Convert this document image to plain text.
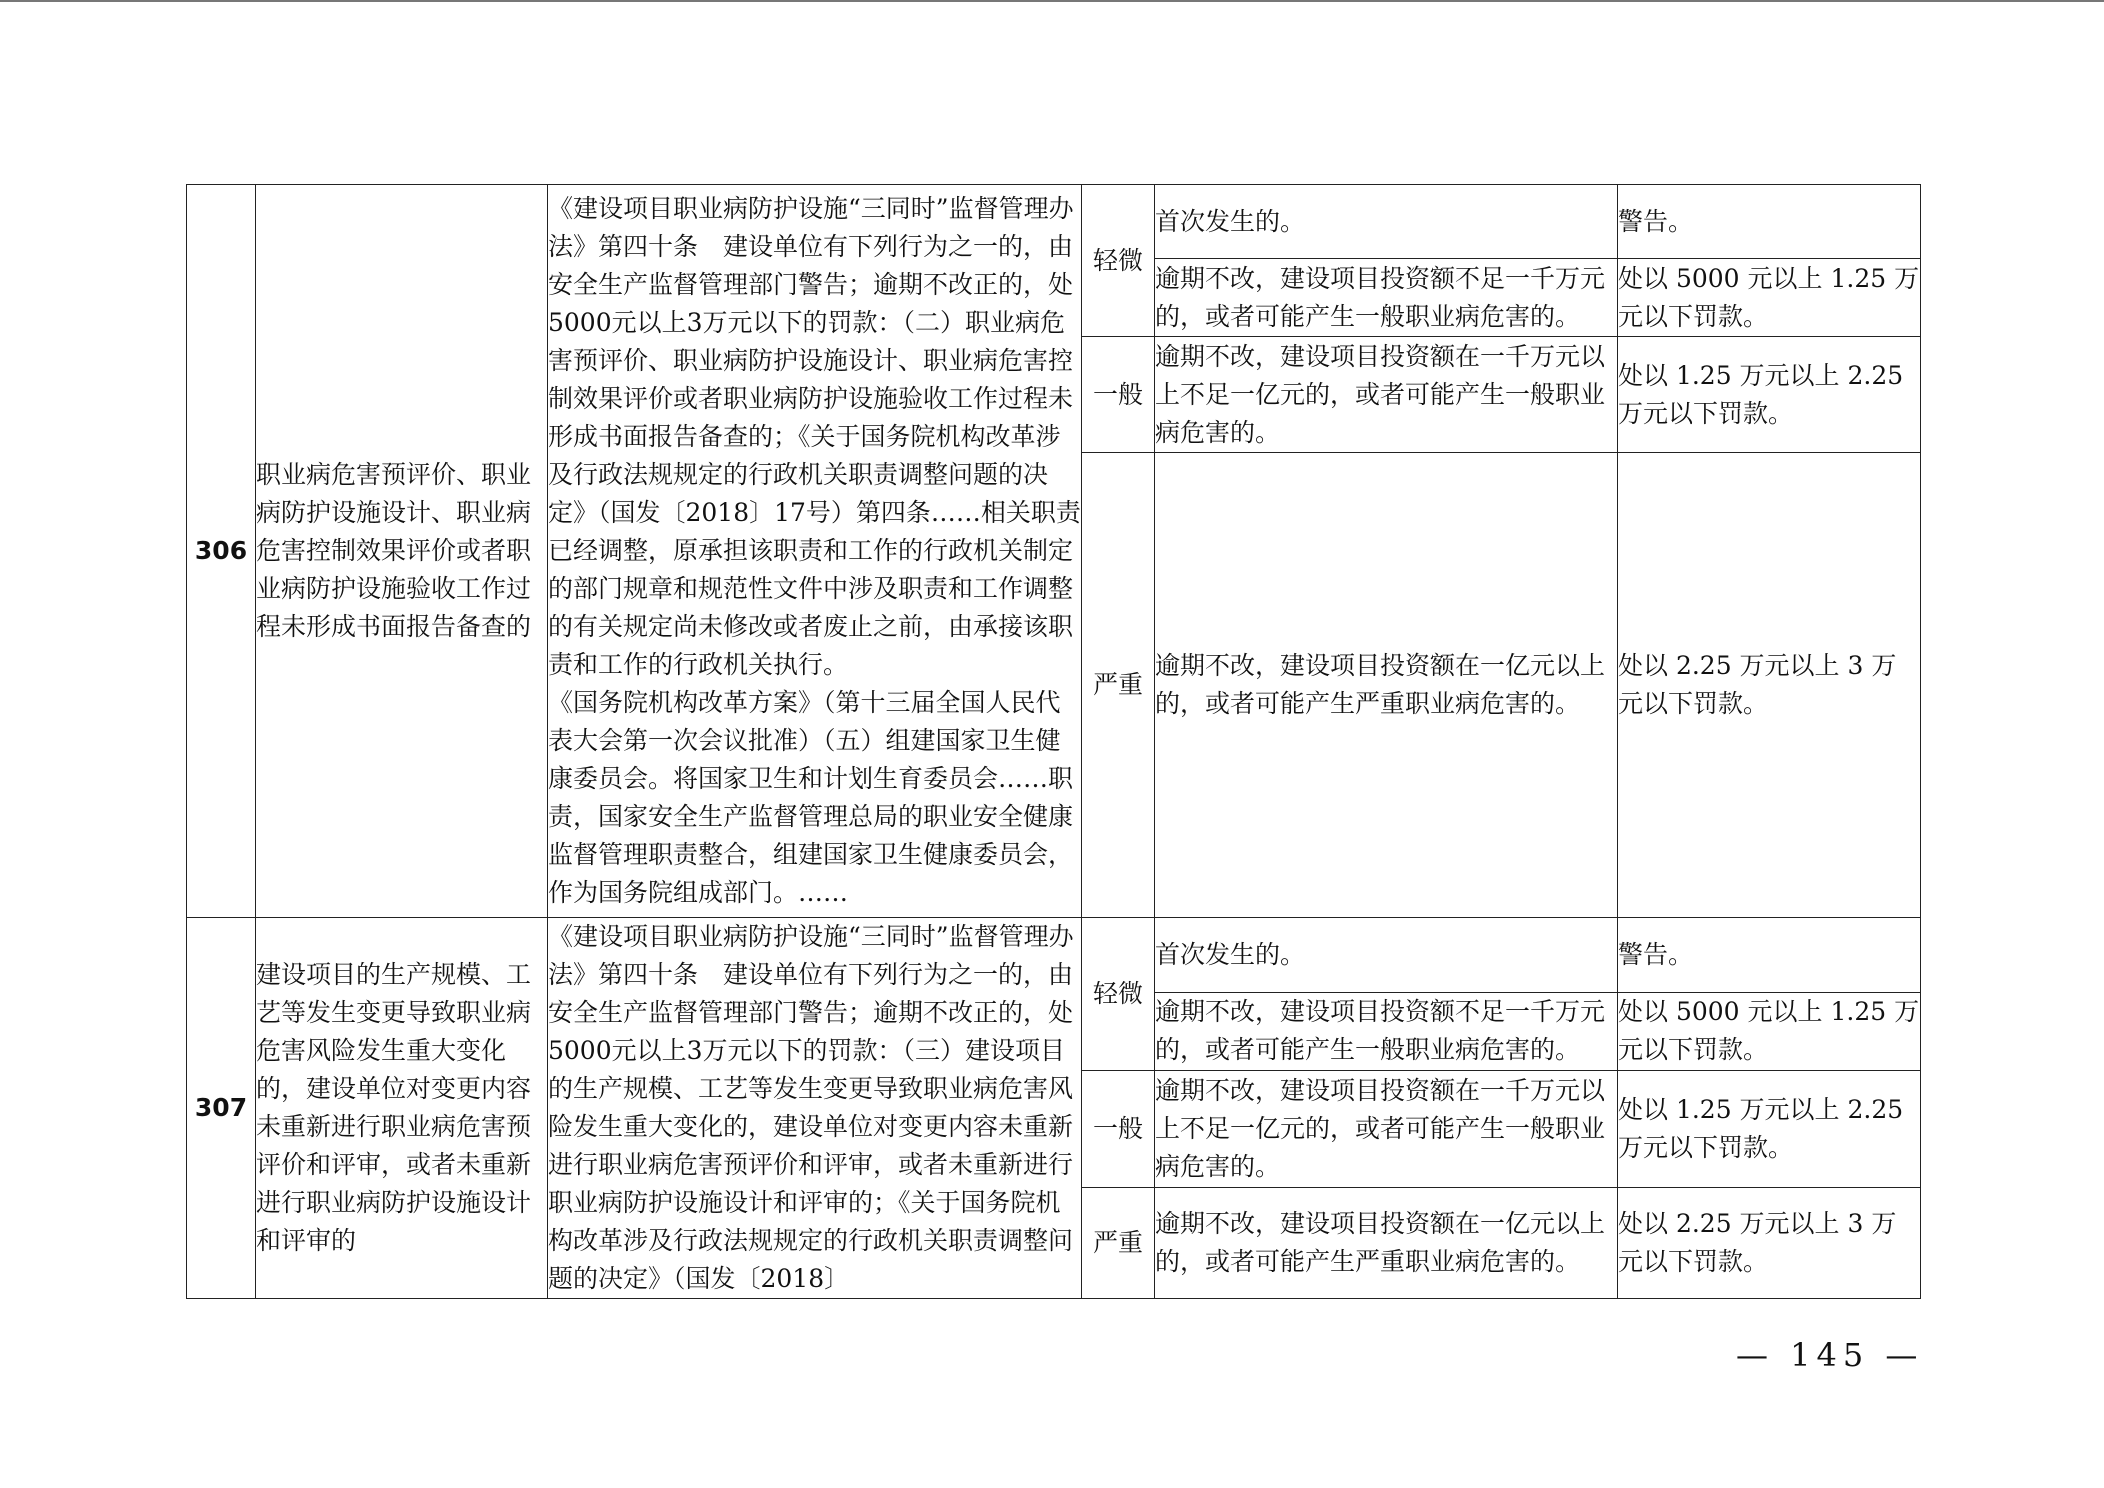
306	职业病危害预评价、职业病防护设施设计、职业病危害控制效果评价或者职业病防护设施验收工作过程未形成书面报告备查的	《建设项目职业病防护设施“三同时”监督管理办法》第四十条　建设单位有下列行为之一的，由安全生产监督管理部门警告；逾期不改正的，处5000元以上3万元以下的罚款：（二）职业病危害预评价、职业病防护设施设计、职业病危害控制效果评价或者职业病防护设施验收工作过程未形成书面报告备查的；《关于国务院机构改革涉及行政法规规定的行政机关职责调整问题的决定》（国发〔2018〕17号）第四条……相关职责已经调整，原承担该职责和工作的行政机关制定的部门规章和规范性文件中涉及职责和工作调整的有关规定尚未修改或者废止之前，由承接该职责和工作的行政机关执行。
《国务院机构改革方案》（第十三届全国人民代表大会第一次会议批准）（五）组建国家卫生健康委员会。将国家卫生和计划生育委员会……职责，国家安全生产监督管理总局的职业安全健康监督管理职责整合，组建国家卫生健康委员会，作为国务院组成部门。……	轻微	首次发生的。	警告。
				逾期不改，建设项目投资额不足一千万元的，或者可能产生一般职业病危害的。	处以 5000 元以上 1.25 万元以下罚款。
			一般	逾期不改，建设项目投资额在一千万元以上不足一亿元的，或者可能产生一般职业病危害的。	处以 1.25 万元以上 2.25 万元以下罚款。
			严重	逾期不改，建设项目投资额在一亿元以上的，或者可能产生严重职业病危害的。	处以 2.25 万元以上 3 万元以下罚款。

307	建设项目的生产规模、工艺等发生变更导致职业病危害风险发生重大变化的，建设单位对变更内容未重新进行职业病危害预评价和评审，或者未重新进行职业病防护设施设计和评审的	《建设项目职业病防护设施“三同时”监督管理办法》第四十条　建设单位有下列行为之一的，由安全生产监督管理部门警告；逾期不改正的，处5000元以上3万元以下的罚款：（三）建设项目的生产规模、工艺等发生变更导致职业病危害风险发生重大变化的，建设单位对变更内容未重新进行职业病危害预评价和评审，或者未重新进行职业病防护设施设计和评审的；《关于国务院机构改革涉及行政法规规定的行政机关职责调整问题的决定》（国发〔2018〕	轻微	首次发生的。	警告。
				逾期不改，建设项目投资额不足一千万元的，或者可能产生一般职业病危害的。	处以 5000 元以上 1.25 万元以下罚款。
			一般	逾期不改，建设项目投资额在一千万元以上不足一亿元的，或者可能产生一般职业病危害的。	处以 1.25 万元以上 2.25 万元以下罚款。
			严重	逾期不改，建设项目投资额在一亿元以上的，或者可能产生严重职业病危害的。	处以 2.25 万元以上 3 万元以下罚款。
— 145 —
